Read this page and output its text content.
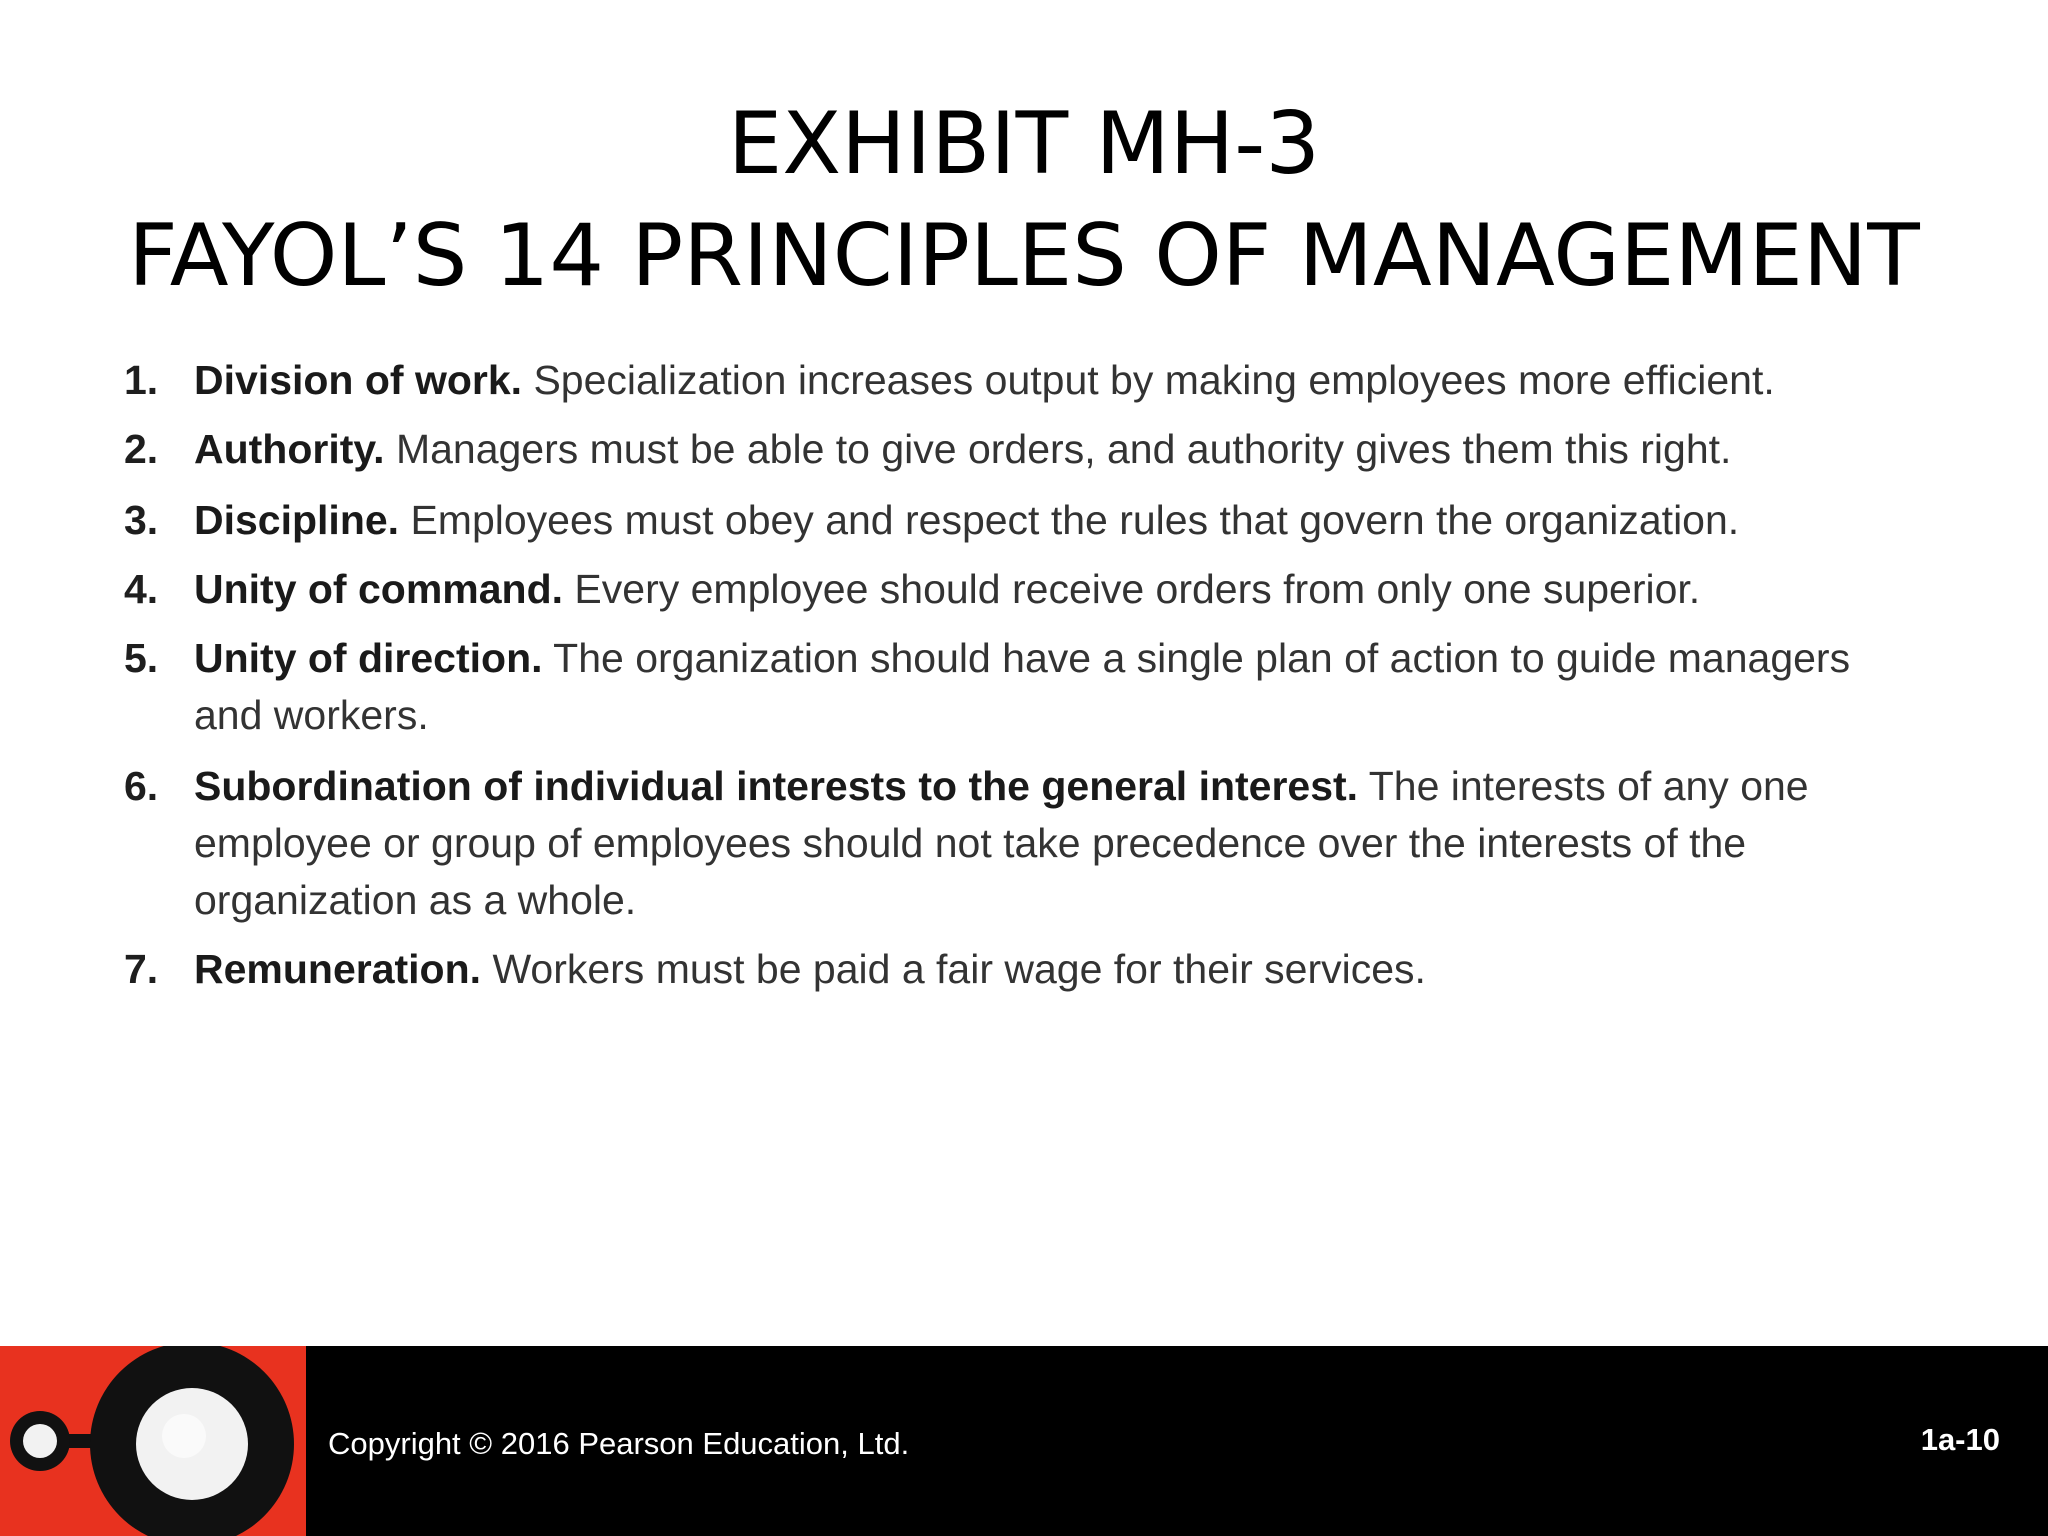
EXHIBIT MH-3
FAYOL’S 14 PRINCIPLES OF MANAGEMENT
1. Division of work. Specialization increases output by making employees more efficient.
2. Authority. Managers must be able to give orders, and authority gives them this right.
3. Discipline. Employees must obey and respect the rules that govern the organization.
4. Unity of command. Every employee should receive orders from only one superior.
5. Unity of direction. The organization should have a single plan of action to guide managers and workers.
6. Subordination of individual interests to the general interest. The interests of any one employee or group of employees should not take precedence over the interests of the organization as a whole.
7. Remuneration. Workers must be paid a fair wage for their services.
Copyright © 2016 Pearson Education, Ltd.	1a-10
